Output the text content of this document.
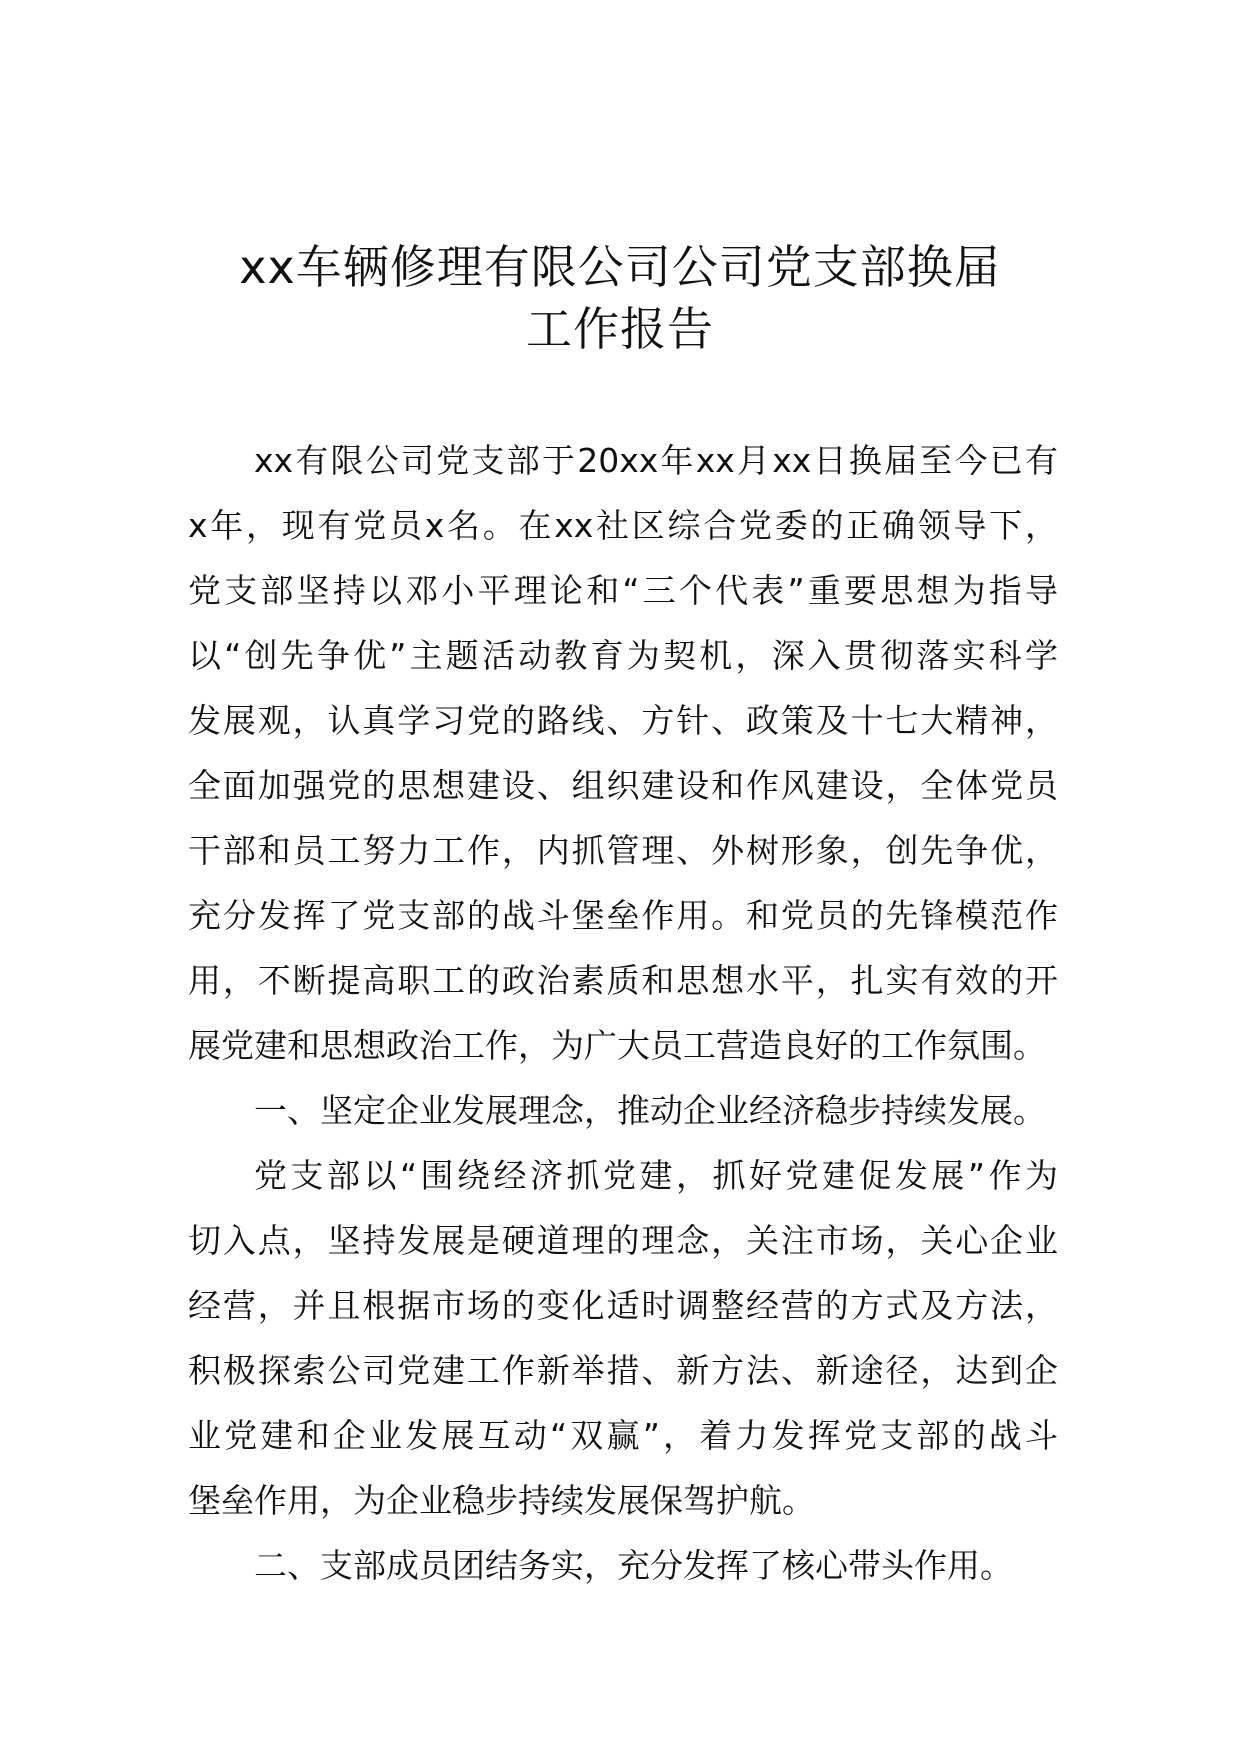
xx车辆修理有限公司公司党支部换届
工作报告
xx有限公司党支部于20xx年xx月xx日换届至今已有
x年，现有党员x名。在xx社区综合党委的正确领导下，
党支部坚持以邓小平理论和“三个代表”重要思想为指导
以“创先争优”主题活动教育为契机，深入贯彻落实科学
发展观，认真学习党的路线、方针、政策及十七大精神，
全面加强党的思想建设、组织建设和作风建设，全体党员
干部和员工努力工作，内抓管理、外树形象，创先争优，
充分发挥了党支部的战斗堡垒作用。和党员的先锋模范作
用，不断提高职工的政治素质和思想水平，扎实有效的开
展党建和思想政治工作，为广大员工营造良好的工作氛围。
一、坚定企业发展理念，推动企业经济稳步持续发展。
党支部以“围绕经济抓党建，抓好党建促发展”作为
切入点，坚持发展是硬道理的理念，关注市场，关心企业
经营，并且根据市场的变化适时调整经营的方式及方法，
积极探索公司党建工作新举措、新方法、新途径，达到企
业党建和企业发展互动“双赢”，着力发挥党支部的战斗
堡垒作用，为企业稳步持续发展保驾护航。
二、支部成员团结务实，充分发挥了核心带头作用。
